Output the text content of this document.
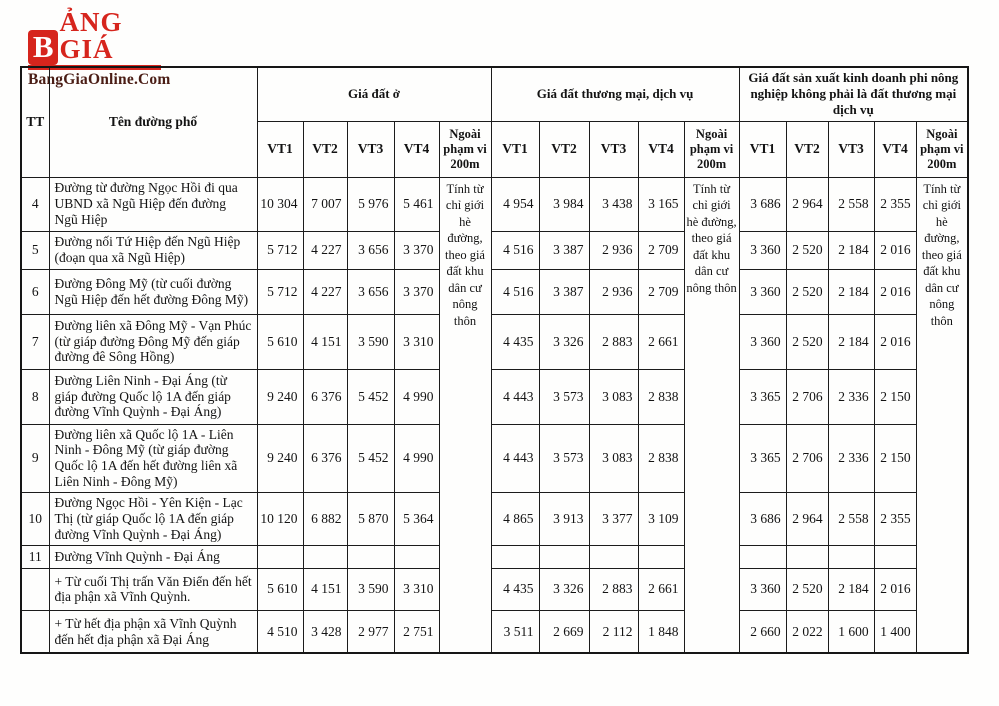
B
ẢNG GIÁ
BangGiaOnline.Com
TT	Tên đường phố	Giá đất ở					Giá đất thương mại, dịch vụ					Giá đất sản xuất kinh doanh phi nông nghiệp không phải là đất thương mại dịch vụ				
		VT1	VT2	VT3	VT4	Ngoài phạm vi 200m	VT1	VT2	VT3	VT4	Ngoài phạm vi 200m	VT1	VT2	VT3	VT4	Ngoài phạm vi 200m
4	Đường từ đường Ngọc Hồi đi qua UBND xã Ngũ Hiệp đến đường Ngũ Hiệp	10 304	7 007	5 976	5 461	Tính từ chỉ giới hè đường, theo giá đất khu dân cư nông thôn	4 954	3 984	3 438	3 165	Tính từ chỉ giới hè đường, theo giá đất khu dân cư nông thôn	3 686	2 964	2 558	2 355	Tính từ chỉ giới hè đường, theo giá đất khu dân cư nông thôn
5	Đường nối Tứ Hiệp đến Ngũ Hiệp (đoạn qua xã Ngũ Hiệp)	5 712	4 227	3 656	3 370		4 516	3 387	2 936	2 709		3 360	2 520	2 184	2 016	
6	Đường Đông Mỹ (từ cuối đường Ngũ Hiệp đến hết đường Đông Mỹ)	5 712	4 227	3 656	3 370		4 516	3 387	2 936	2 709		3 360	2 520	2 184	2 016	
7	Đường liên xã Đông Mỹ - Vạn Phúc (từ giáp đường Đông Mỹ đến giáp đường đê Sông Hồng)	5 610	4 151	3 590	3 310		4 435	3 326	2 883	2 661		3 360	2 520	2 184	2 016	
8	Đường Liên Ninh - Đại Áng (từ giáp đường Quốc lộ 1A đến giáp đường Vĩnh Quỳnh - Đại Áng)	9 240	6 376	5 452	4 990		4 443	3 573	3 083	2 838		3 365	2 706	2 336	2 150	
9	Đường liên xã Quốc lộ 1A - Liên Ninh - Đông Mỹ (từ giáp đường Quốc lộ 1A đến hết đường liên xã Liên Ninh - Đông Mỹ)	9 240	6 376	5 452	4 990		4 443	3 573	3 083	2 838		3 365	2 706	2 336	2 150	
10	Đường Ngọc Hồi - Yên Kiện - Lạc Thị (từ giáp Quốc lộ 1A đến giáp đường Vĩnh Quỳnh - Đại Áng)	10 120	6 882	5 870	5 364		4 865	3 913	3 377	3 109		3 686	2 964	2 558	2 355	
11	Đường Vĩnh Quỳnh - Đại Áng															
	+ Từ cuối Thị trấn Văn Điển đến hết địa phận xã Vĩnh Quỳnh.	5 610	4 151	3 590	3 310		4 435	3 326	2 883	2 661		3 360	2 520	2 184	2 016	
	+ Từ hết địa phận xã Vĩnh Quỳnh đến hết địa phận xã Đại Áng	4 510	3 428	2 977	2 751		3 511	2 669	2 112	1 848		2 660	2 022	1 600	1 400	
